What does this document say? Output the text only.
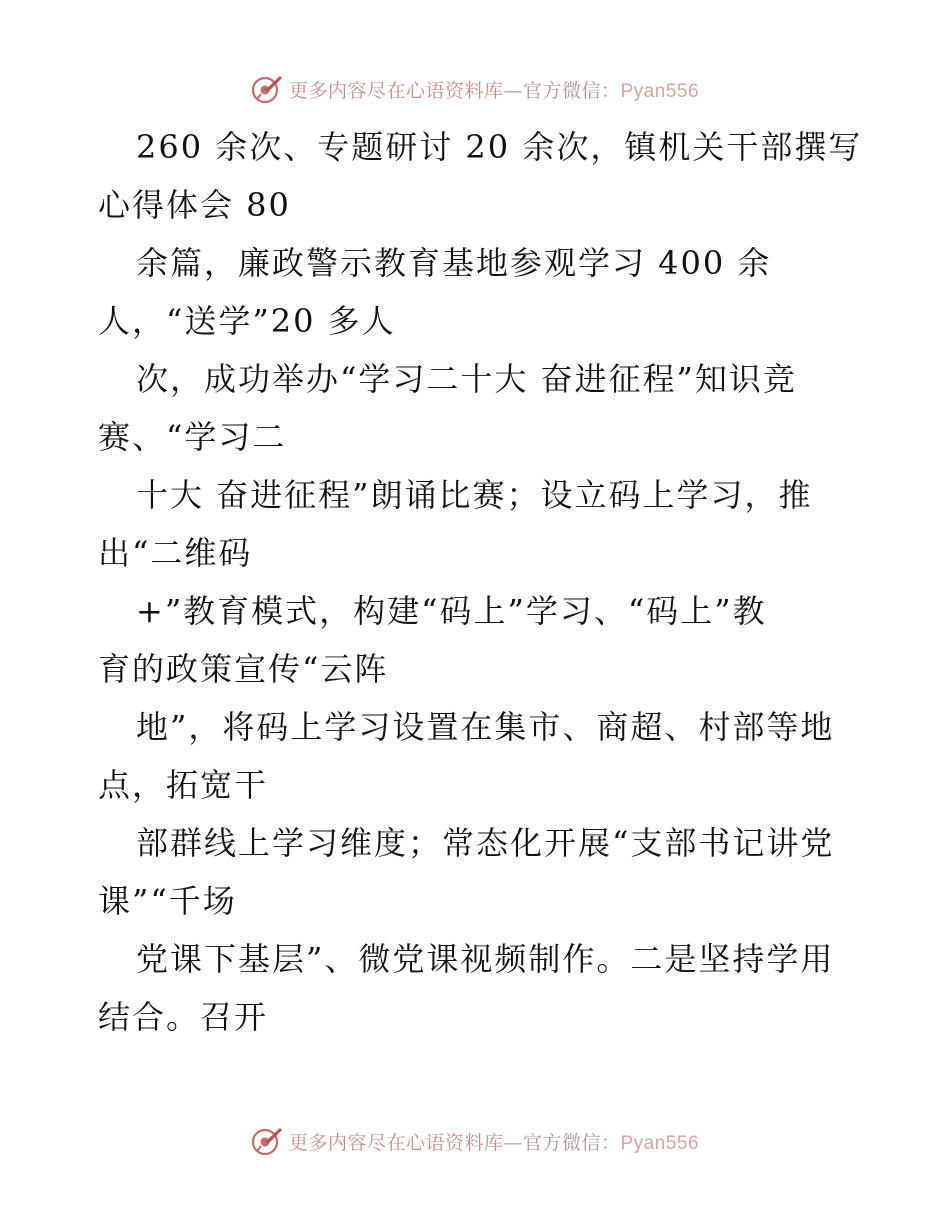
更多内容尽在心语资料库—官方微信：Pyan556
260 余次、专题研讨 20 余次，镇机关干部撰写
心得体会 80
余篇，廉政警示教育基地参观学习 400 余
人，“送学”20 多人
次，成功举办“学习二十大 奋进征程”知识竞
赛、“学习二
十大 奋进征程”朗诵比赛；设立码上学习，推
出“二维码
+”教育模式，构建“码上”学习、“码上”教
育的政策宣传“云阵
地”，将码上学习设置在集市、商超、村部等地
点，拓宽干
部群线上学习维度；常态化开展“支部书记讲党
课”“千场
党课下基层”、微党课视频制作。二是坚持学用
结合。召开
更多内容尽在心语资料库—官方微信：Pyan556
